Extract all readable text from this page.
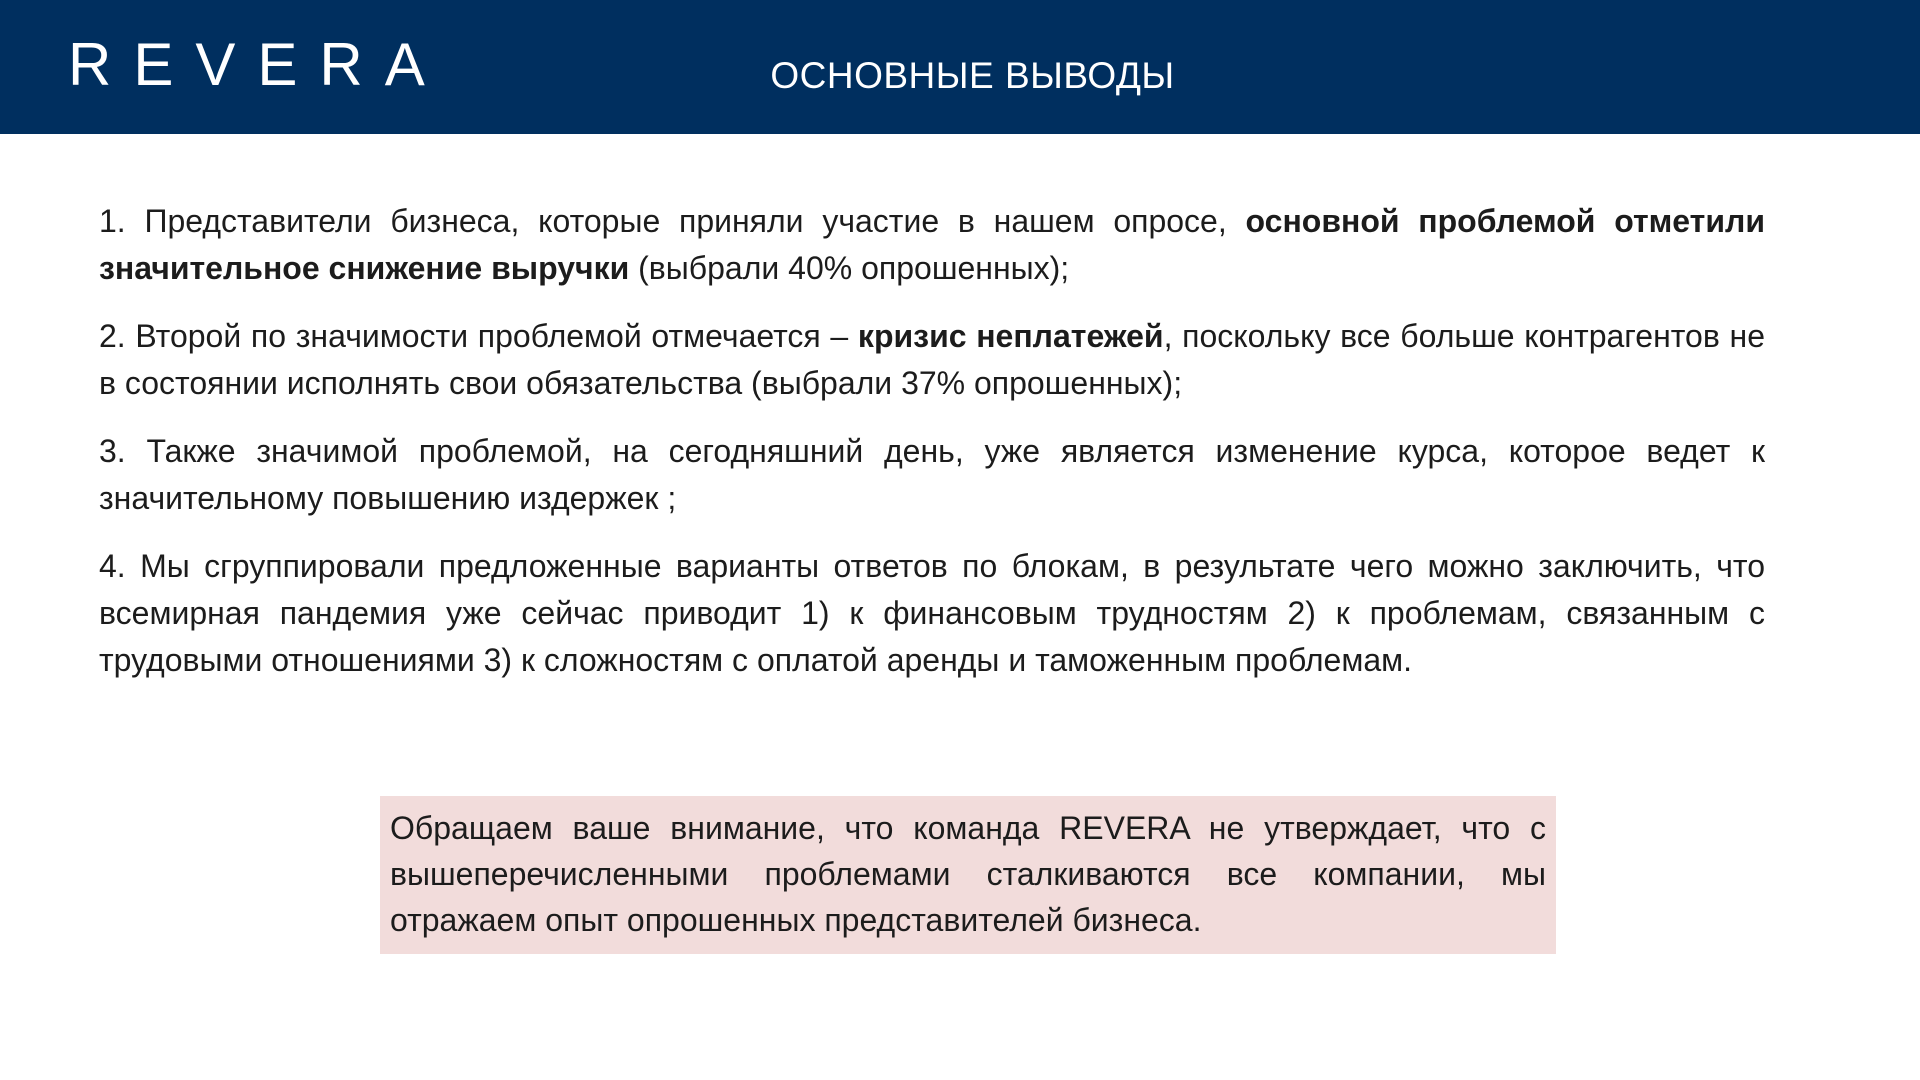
REVERA	ОСНОВНЫЕ ВЫВОДЫ

1. Представители бизнеса, которые приняли участие в нашем опросе, основной проблемой отметили значительное снижение выручки (выбрали 40% опрошенных);

2. Второй по значимости проблемой отмечается – кризис неплатежей, поскольку все больше контрагентов не в состоянии исполнять свои обязательства (выбрали 37% опрошенных);

3. Также значимой проблемой, на сегодняшний день, уже является изменение курса, которое ведет к значительному повышению издержек ;

4. Мы сгруппировали предложенные варианты ответов по блокам, в результате чего можно заключить, что всемирная пандемия уже сейчас приводит 1) к финансовым трудностям 2) к проблемам, связанным с трудовыми отношениями 3) к сложностям с оплатой аренды и таможенным проблемам.

Обращаем ваше внимание, что команда REVERA не утверждает, что с вышеперечисленными проблемами сталкиваются все компании, мы отражаем опыт опрошенных представителей бизнеса.
